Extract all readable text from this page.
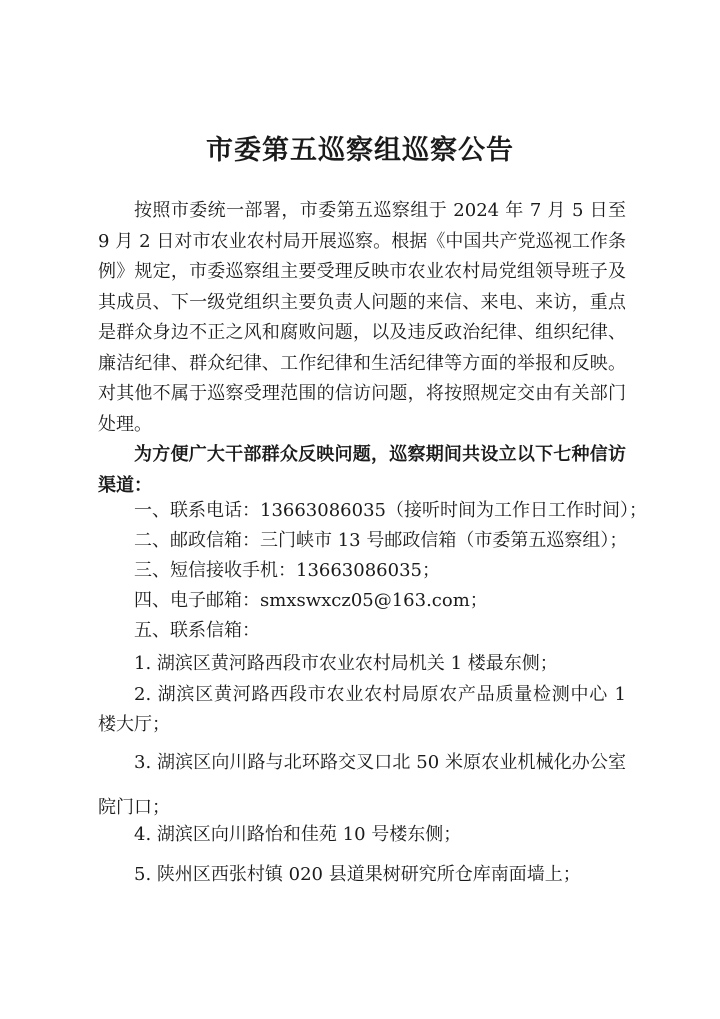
市委第五巡察组巡察公告

按照市委统一部署，市委第五巡察组于 2024 年 7 月 5 日至 9 月 2 日对市农业农村局开展巡察。根据《中国共产党巡视工作条例》规定，市委巡察组主要受理反映市农业农村局党组领导班子及其成员、下一级党组织主要负责人问题的来信、来电、来访，重点是群众身边不正之风和腐败问题，以及违反政治纪律、组织纪律、廉洁纪律、群众纪律、工作纪律和生活纪律等方面的举报和反映。对其他不属于巡察受理范围的信访问题，将按照规定交由有关部门处理。

为方便广大干部群众反映问题，巡察期间共设立以下七种信访渠道：

一、联系电话：13663086035（接听时间为工作日工作时间）；
二、邮政信箱：三门峡市 13 号邮政信箱（市委第五巡察组）；
三、短信接收手机：13663086035；
四、电子邮箱：smxswxcz05@163.com；
五、联系信箱：
1. 湖滨区黄河路西段市农业农村局机关 1 楼最东侧；
2. 湖滨区黄河路西段市农业农村局原农产品质量检测中心 1 楼大厅；
3. 湖滨区向川路与北环路交叉口北 50 米原农业机械化办公室院门口；
4. 湖滨区向川路怡和佳苑 10 号楼东侧；
5. 陕州区西张村镇 020 县道果树研究所仓库南面墙上；
